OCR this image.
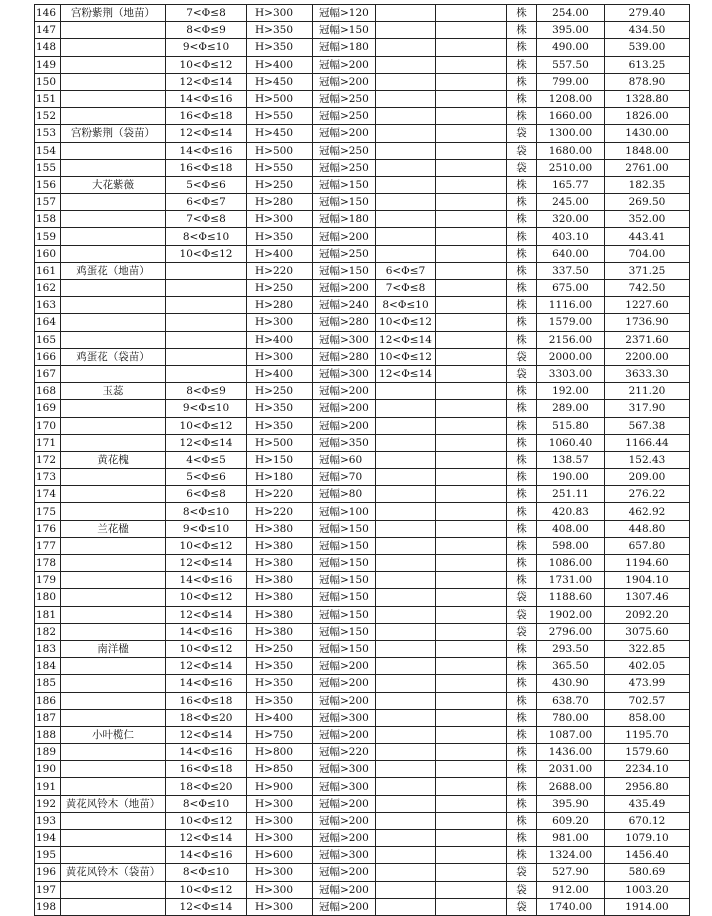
146	宫粉紫荆（地苗）	7<Φ≤8	H>300	冠幅>120			株	254.00	279.40
147		8<Φ≤9	H>350	冠幅>150			株	395.00	434.50
148		9<Φ≤10	H>350	冠幅>180			株	490.00	539.00
149		10<Φ≤12	H>400	冠幅>200			株	557.50	613.25
150		12<Φ≤14	H>450	冠幅>200			株	799.00	878.90
151		14<Φ≤16	H>500	冠幅>250			株	1208.00	1328.80
152		16<Φ≤18	H>550	冠幅>250			株	1660.00	1826.00
153	宫粉紫荆（袋苗）	12<Φ≤14	H>450	冠幅>200			袋	1300.00	1430.00
154		14<Φ≤16	H>500	冠幅>250			袋	1680.00	1848.00
155		16<Φ≤18	H>550	冠幅>250			袋	2510.00	2761.00
156	大花紫薇	5<Φ≤6	H>250	冠幅>150			株	165.77	182.35
157		6<Φ≤7	H>280	冠幅>150			株	245.00	269.50
158		7<Φ≤8	H>300	冠幅>180			株	320.00	352.00
159		8<Φ≤10	H>350	冠幅>200			株	403.10	443.41
160		10<Φ≤12	H>400	冠幅>250			株	640.00	704.00
161	鸡蛋花（地苗）		H>220	冠幅>150	6<Φ≤7		株	337.50	371.25
162			H>250	冠幅>200	7<Φ≤8		株	675.00	742.50
163			H>280	冠幅>240	8<Φ≤10		株	1116.00	1227.60
164			H>300	冠幅>280	10<Φ≤12		株	1579.00	1736.90
165			H>400	冠幅>300	12<Φ≤14		株	2156.00	2371.60
166	鸡蛋花（袋苗）		H>300	冠幅>280	10<Φ≤12		袋	2000.00	2200.00
167			H>400	冠幅>300	12<Φ≤14		袋	3303.00	3633.30
168	玉蕊	8<Φ≤9	H>250	冠幅>200			株	192.00	211.20
169		9<Φ≤10	H>350	冠幅>200			株	289.00	317.90
170		10<Φ≤12	H>350	冠幅>200			株	515.80	567.38
171		12<Φ≤14	H>500	冠幅>350			株	1060.40	1166.44
172	黄花槐	4<Φ≤5	H>150	冠幅>60			株	138.57	152.43
173		5<Φ≤6	H>180	冠幅>70			株	190.00	209.00
174		6<Φ≤8	H>220	冠幅>80			株	251.11	276.22
175		8<Φ≤10	H>220	冠幅>100			株	420.83	462.92
176	兰花楹	9<Φ≤10	H>380	冠幅>150			株	408.00	448.80
177		10<Φ≤12	H>380	冠幅>150			株	598.00	657.80
178		12<Φ≤14	H>380	冠幅>150			株	1086.00	1194.60
179		14<Φ≤16	H>380	冠幅>150			株	1731.00	1904.10
180		10<Φ≤12	H>380	冠幅>150			袋	1188.60	1307.46
181		12<Φ≤14	H>380	冠幅>150			袋	1902.00	2092.20
182		14<Φ≤16	H>380	冠幅>150			袋	2796.00	3075.60
183	南洋楹	10<Φ≤12	H>250	冠幅>150			株	293.50	322.85
184		12<Φ≤14	H>350	冠幅>200			株	365.50	402.05
185		14<Φ≤16	H>350	冠幅>200			株	430.90	473.99
186		16<Φ≤18	H>350	冠幅>200			株	638.70	702.57
187		18<Φ≤20	H>400	冠幅>300			株	780.00	858.00
188	小叶榄仁	12<Φ≤14	H>750	冠幅>200			株	1087.00	1195.70
189		14<Φ≤16	H>800	冠幅>220			株	1436.00	1579.60
190		16<Φ≤18	H>850	冠幅>300			株	2031.00	2234.10
191		18<Φ≤20	H>900	冠幅>300			株	2688.00	2956.80
192	黄花风铃木（地苗）	8<Φ≤10	H>300	冠幅>200			株	395.90	435.49
193		10<Φ≤12	H>300	冠幅>200			株	609.20	670.12
194		12<Φ≤14	H>300	冠幅>200			株	981.00	1079.10
195		14<Φ≤16	H>600	冠幅>300			株	1324.00	1456.40
196	黄花风铃木（袋苗）	8<Φ≤10	H>300	冠幅>200			袋	527.90	580.69
197		10<Φ≤12	H>300	冠幅>200			袋	912.00	1003.20
198		12<Φ≤14	H>300	冠幅>200			袋	1740.00	1914.00
